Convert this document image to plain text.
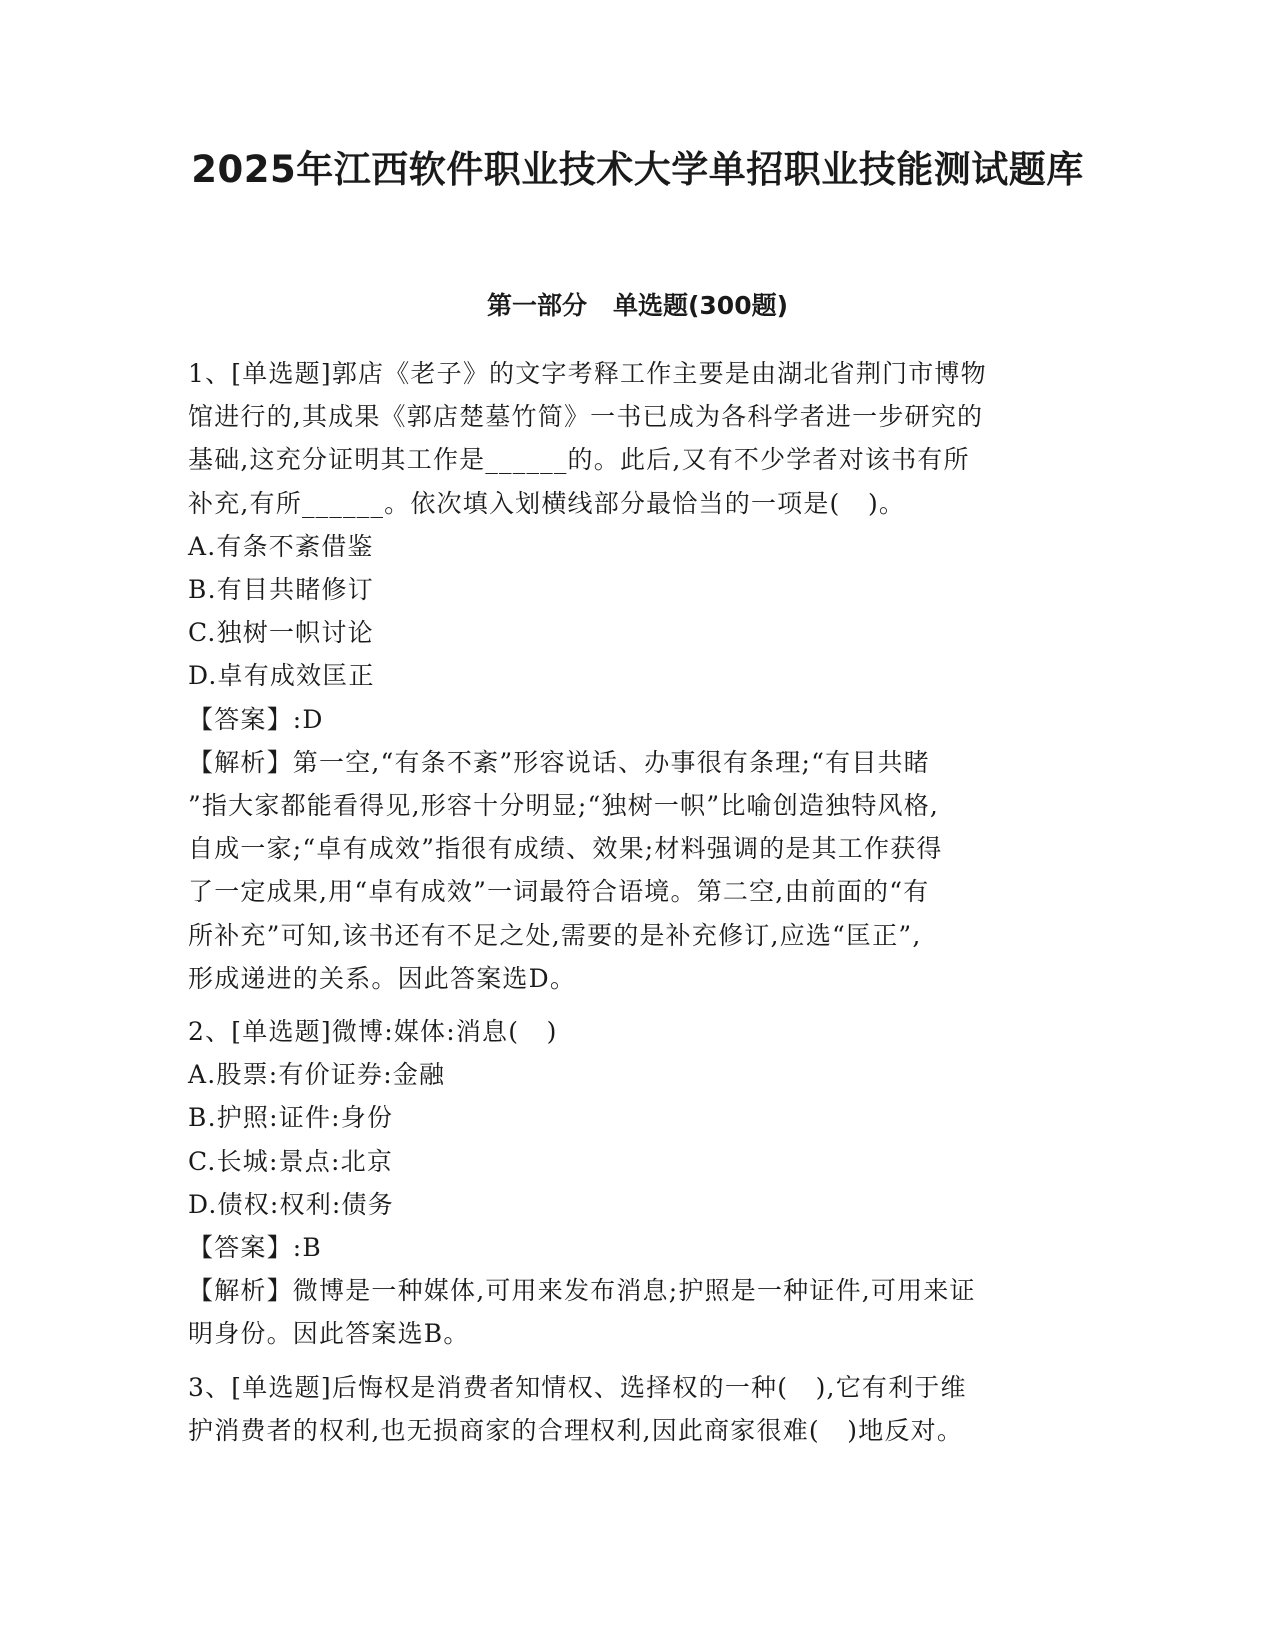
2025年江西软件职业技术大学单招职业技能测试题库
第一部分 单选题(300题)
1、[单选题]郭店《老子》的文字考释工作主要是由湖北省荆门市博物
馆进行的,其成果《郭店楚墓竹简》一书已成为各科学者进一步研究的
基础,这充分证明其工作是______的。此后,又有不少学者对该书有所
补充,有所______。依次填入划横线部分最恰当的一项是(   )。
A.有条不紊借鉴
B.有目共睹修订
C.独树一帜讨论
D.卓有成效匡正
【答案】:D
【解析】第一空,“有条不紊”形容说话、办事很有条理;“有目共睹
”指大家都能看得见,形容十分明显;“独树一帜”比喻创造独特风格,
自成一家;“卓有成效”指很有成绩、效果;材料强调的是其工作获得
了一定成果,用“卓有成效”一词最符合语境。第二空,由前面的“有
所补充”可知,该书还有不足之处,需要的是补充修订,应选“匡正”,
形成递进的关系。因此答案选D。
2、[单选题]微博:媒体:消息(   )
A.股票:有价证券:金融
B.护照:证件:身份
C.长城:景点:北京
D.债权:权利:债务
【答案】:B
【解析】微博是一种媒体,可用来发布消息;护照是一种证件,可用来证
明身份。因此答案选B。
3、[单选题]后悔权是消费者知情权、选择权的一种(   ),它有利于维
护消费者的权利,也无损商家的合理权利,因此商家很难(   )地反对。
